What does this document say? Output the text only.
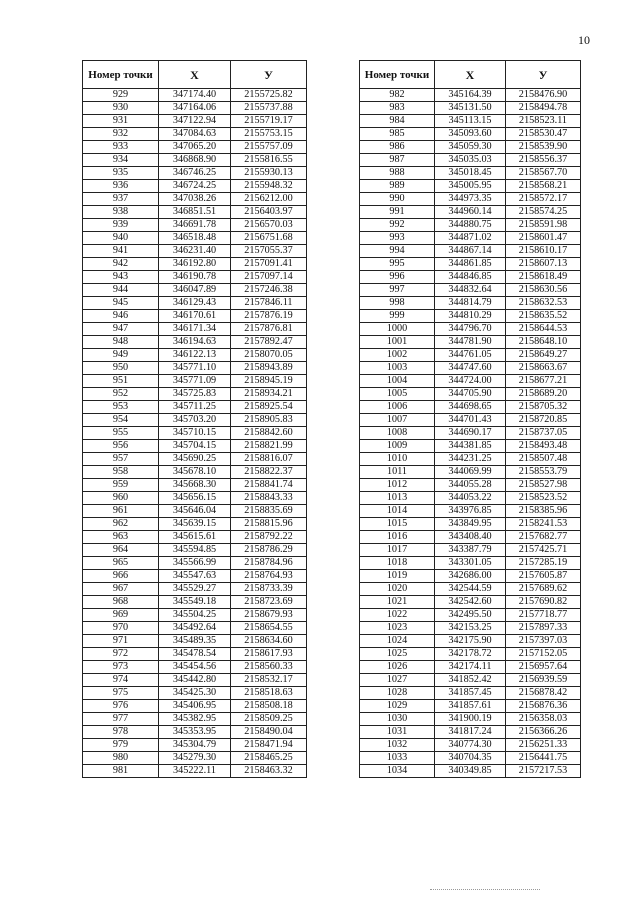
10
Номер точки	X	У
929	347174.40	2155725.82
930	347164.06	2155737.88
931	347122.94	2155719.17
932	347084.63	2155753.15
933	347065.20	2155757.09
934	346868.90	2155816.55
935	346746.25	2155930.13
936	346724.25	2155948.32
937	347038.26	2156212.00
938	346851.51	2156403.97
939	346691.78	2156570.03
940	346518.48	2156751.68
941	346231.40	2157055.37
942	346192.80	2157091.41
943	346190.78	2157097.14
944	346047.89	2157246.38
945	346129.43	2157846.11
946	346170.61	2157876.19
947	346171.34	2157876.81
948	346194.63	2157892.47
949	346122.13	2158070.05
950	345771.10	2158943.89
951	345771.09	2158945.19
952	345725.83	2158934.21
953	345711.25	2158925.54
954	345703.20	2158905.83
955	345710.15	2158842.60
956	345704.15	2158821.99
957	345690.25	2158816.07
958	345678.10	2158822.37
959	345668.30	2158841.74
960	345656.15	2158843.33
961	345646.04	2158835.69
962	345639.15	2158815.96
963	345615.61	2158792.22
964	345594.85	2158786.29
965	345566.99	2158784.96
966	345547.63	2158764.93
967	345529.27	2158733.39
968	345549.18	2158723.69
969	345504.25	2158679.93
970	345492.64	2158654.55
971	345489.35	2158634.60
972	345478.54	2158617.93
973	345454.56	2158560.33
974	345442.80	2158532.17
975	345425.30	2158518.63
976	345406.95	2158508.18
977	345382.95	2158509.25
978	345353.95	2158490.04
979	345304.79	2158471.94
980	345279.30	2158465.25
981	345222.11	2158463.32
Номер точки	X	У
982	345164.39	2158476.90
983	345131.50	2158494.78
984	345113.15	2158523.11
985	345093.60	2158530.47
986	345059.30	2158539.90
987	345035.03	2158556.37
988	345018.45	2158567.70
989	345005.95	2158568.21
990	344973.35	2158572.17
991	344960.14	2158574.25
992	344880.75	2158591.98
993	344871.02	2158601.47
994	344867.14	2158610.17
995	344861.85	2158607.13
996	344846.85	2158618.49
997	344832.64	2158630.56
998	344814.79	2158632.53
999	344810.29	2158635.52
1000	344796.70	2158644.53
1001	344781.90	2158648.10
1002	344761.05	2158649.27
1003	344747.60	2158663.67
1004	344724.00	2158677.21
1005	344705.90	2158689.20
1006	344698.65	2158705.32
1007	344701.43	2158720.85
1008	344690.17	2158737.05
1009	344381.85	2158493.48
1010	344231.25	2158507.48
1011	344069.99	2158553.79
1012	344055.28	2158527.98
1013	344053.22	2158523.52
1014	343976.85	2158385.96
1015	343849.95	2158241.53
1016	343408.40	2157682.77
1017	343387.79	2157425.71
1018	343301.05	2157285.19
1019	342686.00	2157605.87
1020	342544.59	2157689.62
1021	342542.60	2157690.82
1022	342495.50	2157718.77
1023	342153.25	2157897.33
1024	342175.90	2157397.03
1025	342178.72	2157152.05
1026	342174.11	2156957.64
1027	341852.42	2156939.59
1028	341857.45	2156878.42
1029	341857.61	2156876.36
1030	341900.19	2156358.03
1031	341817.24	2156366.26
1032	340774.30	2156251.33
1033	340704.35	2156441.75
1034	340349.85	2157217.53
